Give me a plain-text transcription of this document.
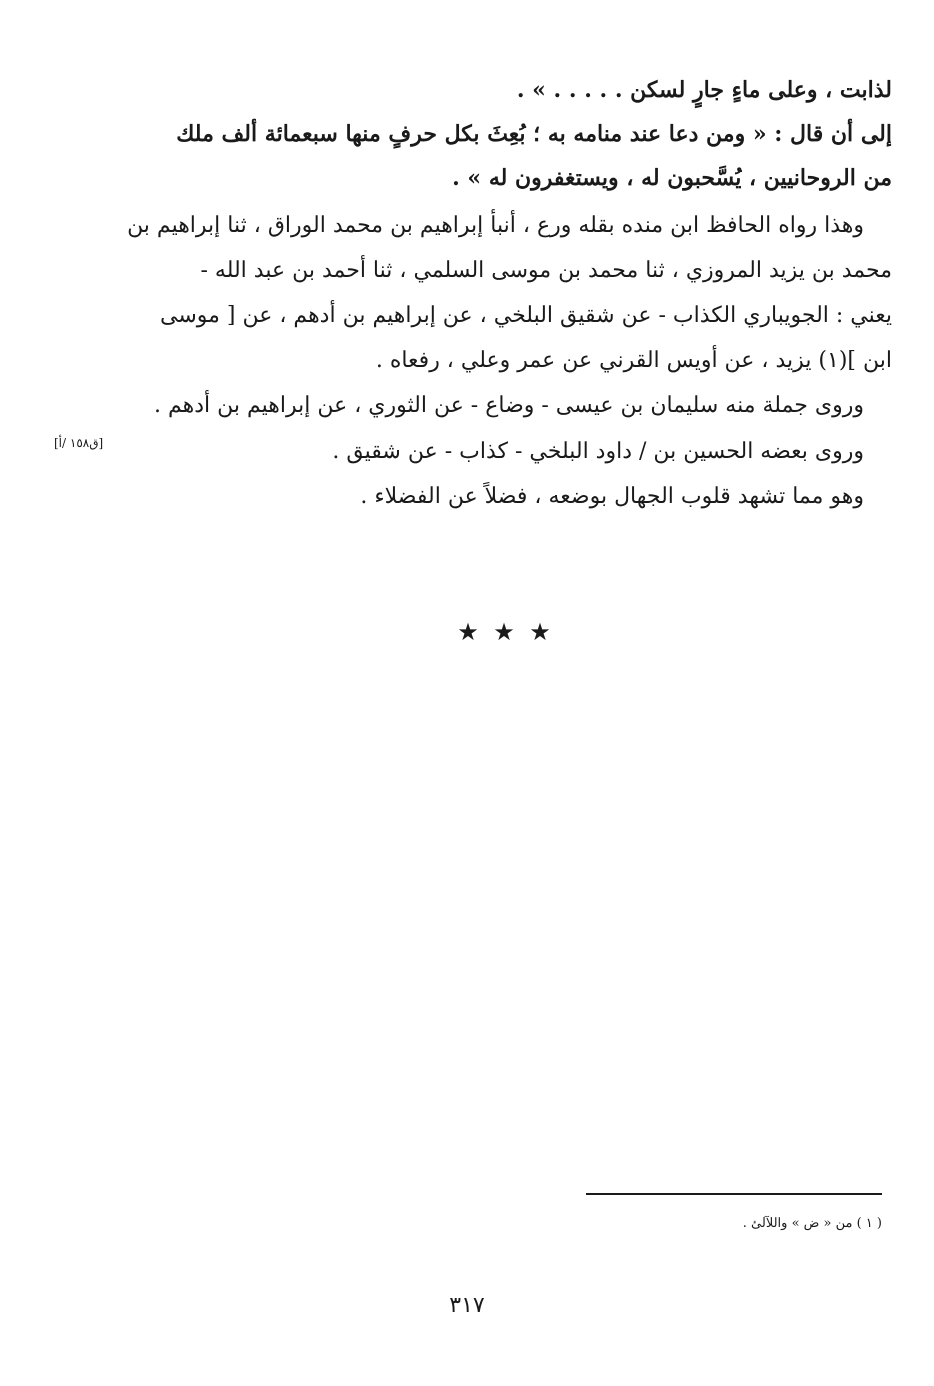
لذابت ، وعلى ماءٍ جارٍ لسكن . . . . . » .
إلى أن قال : « ومن دعا عند منامه به ؛ بُعِثَ بكل حرفٍ منها سبعمائة ألف ملك
من الروحانيين ، يُسَّحبون له ، ويستغفرون له » .
وهذا رواه الحافظ ابن منده بقله ورع ، أنبأ إبراهيم بن محمد الوراق ، ثنا إبراهيم بن
محمد بن يزيد المروزي ، ثنا محمد بن موسى السلمي ، ثنا أحمد بن عبد الله -
يعني : الجويباري الكذاب - عن شقيق البلخي ، عن إبراهيم بن أدهم ، عن [ موسى
ابن ](١) يزيد ، عن أويس القرني عن عمر وعلي ، رفعاه .
وروى جملة منه سليمان بن عيسى - وضاع - عن الثوري ، عن إبراهيم بن أدهم .
وروى بعضه الحسين بن / داود البلخي - كذاب - عن شقيق .
وهو مما تشهد قلوب الجهال بوضعه ، فضلاً عن الفضلاء .
[ق١٥٨ /أ]
★ ★ ★
( ١ ) من « ض » واللآلئ .
٣١٧
